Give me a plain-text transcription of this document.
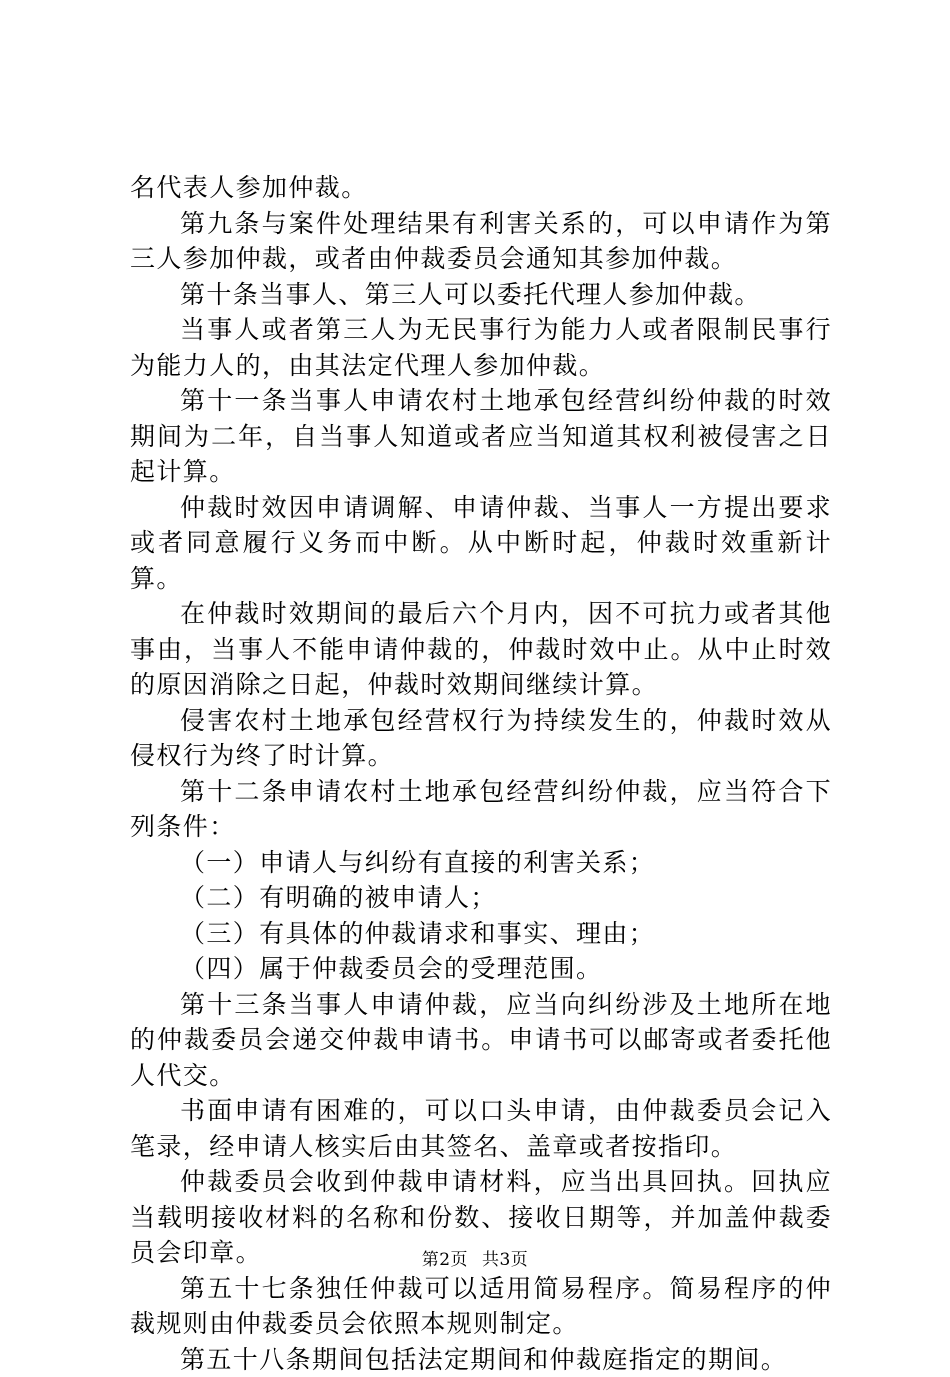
名代表人参加仲裁。

第九条与案件处理结果有利害关系的，可以申请作为第三人参加仲裁，或者由仲裁委员会通知其参加仲裁。

第十条当事人、第三人可以委托代理人参加仲裁。

当事人或者第三人为无民事行为能力人或者限制民事行为能力人的，由其法定代理人参加仲裁。

第十一条当事人申请农村土地承包经营纠纷仲裁的时效期间为二年，自当事人知道或者应当知道其权利被侵害之日起计算。

仲裁时效因申请调解、申请仲裁、当事人一方提出要求或者同意履行义务而中断。从中断时起，仲裁时效重新计算。

在仲裁时效期间的最后六个月内，因不可抗力或者其他事由，当事人不能申请仲裁的，仲裁时效中止。从中止时效的原因消除之日起，仲裁时效期间继续计算。

侵害农村土地承包经营权行为持续发生的，仲裁时效从侵权行为终了时计算。

第十二条申请农村土地承包经营纠纷仲裁，应当符合下列条件：

（一）申请人与纠纷有直接的利害关系；

（二）有明确的被申请人；

（三）有具体的仲裁请求和事实、理由；

（四）属于仲裁委员会的受理范围。

第十三条当事人申请仲裁，应当向纠纷涉及土地所在地的仲裁委员会递交仲裁申请书。申请书可以邮寄或者委托他人代交。

书面申请有困难的，可以口头申请，由仲裁委员会记入笔录，经申请人核实后由其签名、盖章或者按指印。

仲裁委员会收到仲裁申请材料，应当出具回执。回执应当载明接收材料的名称和份数、接收日期等，并加盖仲裁委员会印章。

第五十七条独任仲裁可以适用简易程序。简易程序的仲裁规则由仲裁委员会依照本规则制定。

第五十八条期间包括法定期间和仲裁庭指定的期间。

第2页 共3页
